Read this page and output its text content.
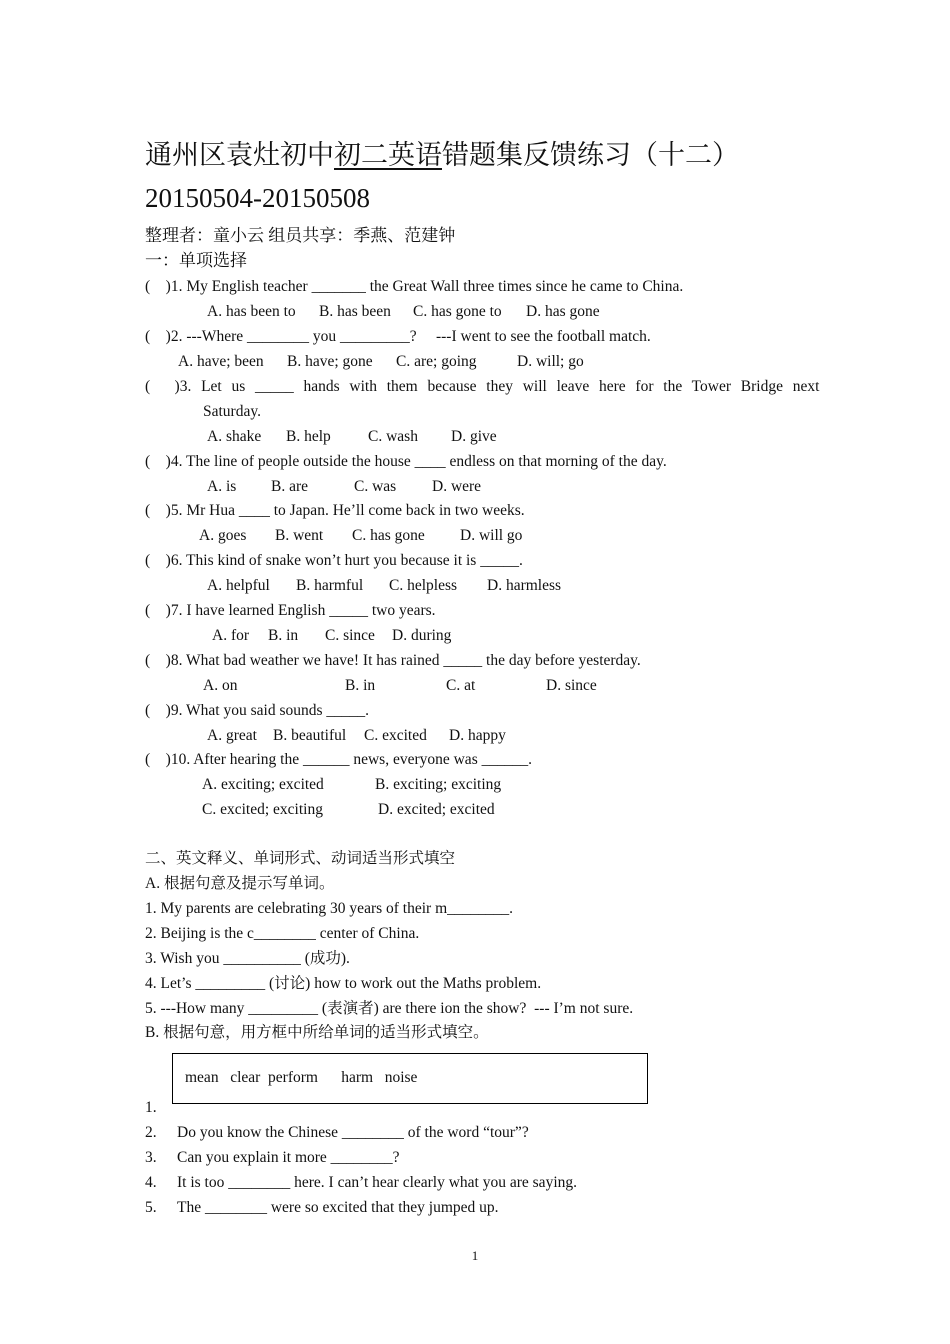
通州区袁灶初中初二英语错题集反馈练习（十二）
20150504-20150508
整理者：童小云 组员共享：季燕、范建钟
一：单项选择
(    )1. My English teacher _______ the Great Wall three times since he came to China.
A. has been to B. has been C. has gone to D. has gone
(    )2. ---Where ________ you _________?     ---I went to see the football match.
A. have; been B. have; gone C. are; going	D. will; go
(     )3.  Let  us  _____  hands  with  them  because  they  will  leave  here  for  the  Tower  Bridge  next
Saturday.
A. shake B. help C. wash D. give
(    )4. The line of people outside the house ____ endless on that morning of the day.
A. is B. are	C. was D. were
(    )5. Mr Hua ____ to Japan. He’ll come back in two weeks.
A. goes B. went C. has gone D. will go
(    )6. This kind of snake won’t hurt you because it is _____.
A. helpful B. harmful C. helpless D. harmless
(    )7. I have learned English _____ two years.
A. for B. in C. since D. during
(    )8. What bad weather we have! It has rained _____ the day before yesterday.
A. on	B. in	C. at	D. since
(    )9. What you said sounds _____.
A. great B. beautiful C. excited D. happy
(    )10. After hearing the ______ news, everyone was ______.
A. exciting; excited	B. exciting; exciting
C. excited; exciting	D. excited; excited
二、英文释义、单词形式、动词适当形式填空
A. 根据句意及提示写单词。
1. My parents are celebrating 30 years of their m________.
2. Beijing is the c________ center of China.
3. Wish you __________ (成功).
4. Let’s _________ (讨论) how to work out the Maths problem.
5. ---How many _________ (表演者) are there ion the show?  --- I’m not sure.
B. 根据句意，用方框中所给单词的适当形式填空。
mean   clear  perform      harm   noise
1. I hope you’ll have a ________ holiday here.
2. Do you know the Chinese ________ of the word “tour”?
3. Can you explain it more ________?
4. It is too ________ here. I can’t hear clearly what you are saying.
5. The ________ were so excited that they jumped up.
1
